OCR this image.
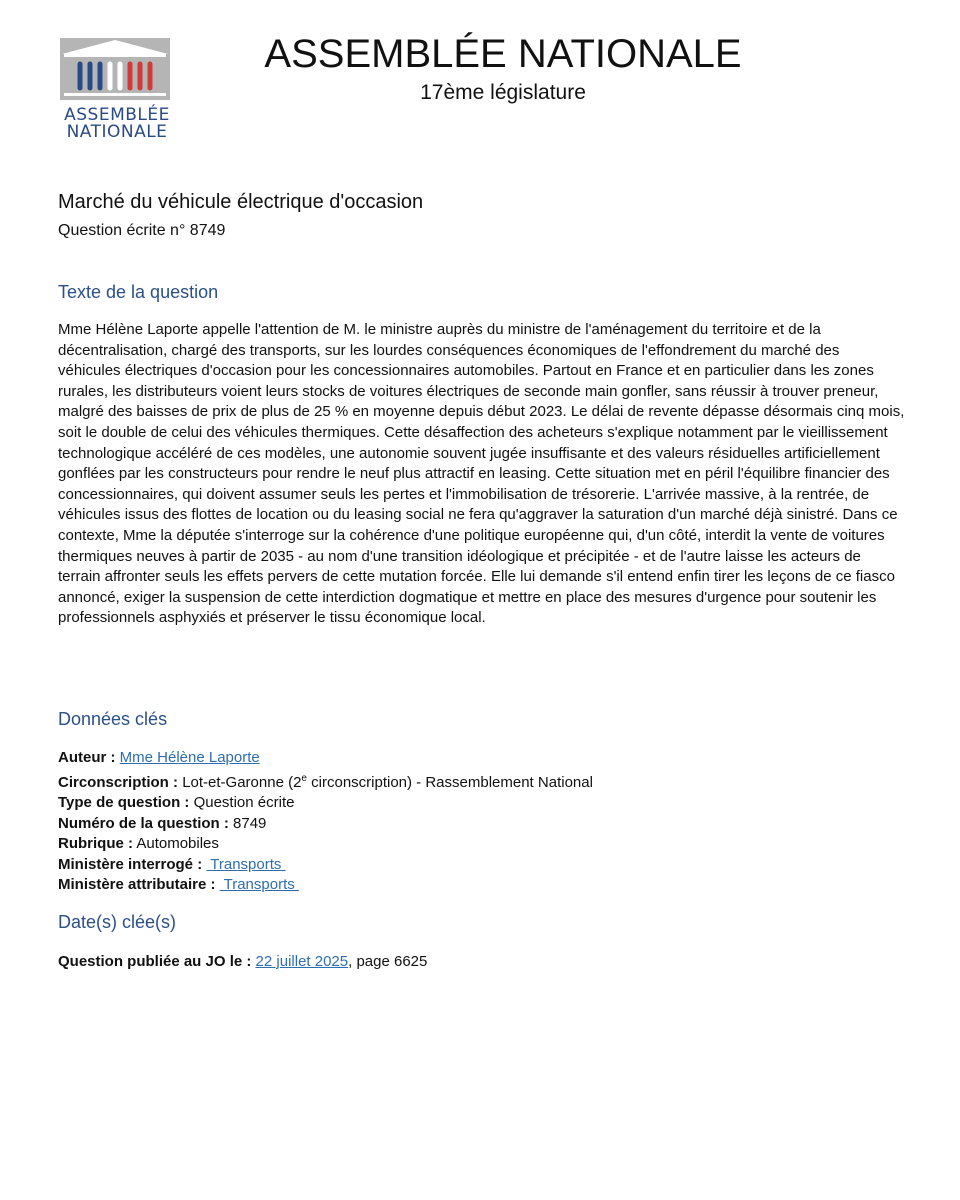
ASSEMBLÉE
NATIONALE
ASSEMBLÉE NATIONALE
17ème législature
Marché du véhicule électrique d'occasion
Question écrite n° 8749
Texte de la question
Mme Hélène Laporte appelle l'attention de M. le ministre auprès du ministre de l'aménagement du territoire et de la décentralisation, chargé des transports, sur les lourdes conséquences économiques de l'effondrement du marché des véhicules électriques d'occasion pour les concessionnaires automobiles. Partout en France et en particulier dans les zones rurales, les distributeurs voient leurs stocks de voitures électriques de seconde main gonfler, sans réussir à trouver preneur, malgré des baisses de prix de plus de 25 % en moyenne depuis début 2023. Le délai de revente dépasse désormais cinq mois, soit le double de celui des véhicules thermiques. Cette désaffection des acheteurs s'explique notamment par le vieillissement technologique accéléré de ces modèles, une autonomie souvent jugée insuffisante et des valeurs résiduelles artificiellement gonflées par les constructeurs pour rendre le neuf plus attractif en leasing. Cette situation met en péril l'équilibre financier des concessionnaires, qui doivent assumer seuls les pertes et l'immobilisation de trésorerie. L'arrivée massive, à la rentrée, de véhicules issus des flottes de location ou du leasing social ne fera qu'aggraver la saturation d'un marché déjà sinistré. Dans ce contexte, Mme la députée s'interroge sur la cohérence d'une politique européenne qui, d'un côté, interdit la vente de voitures thermiques neuves à partir de 2035 - au nom d'une transition idéologique et précipitée - et de l'autre laisse les acteurs de terrain affronter seuls les effets pervers de cette mutation forcée. Elle lui demande s'il entend enfin tirer les leçons de ce fiasco annoncé, exiger la suspension de cette interdiction dogmatique et mettre en place des mesures d'urgence pour soutenir les professionnels asphyxiés et préserver le tissu économique local.
Données clés
Auteur : Mme Hélène Laporte
Circonscription : Lot-et-Garonne (2e circonscription) - Rassemblement National
Type de question : Question écrite
Numéro de la question : 8749
Rubrique : Automobiles
Ministère interrogé :  Transports
Ministère attributaire :  Transports
Date(s) clée(s)
Question publiée au JO le : 22 juillet 2025, page 6625
